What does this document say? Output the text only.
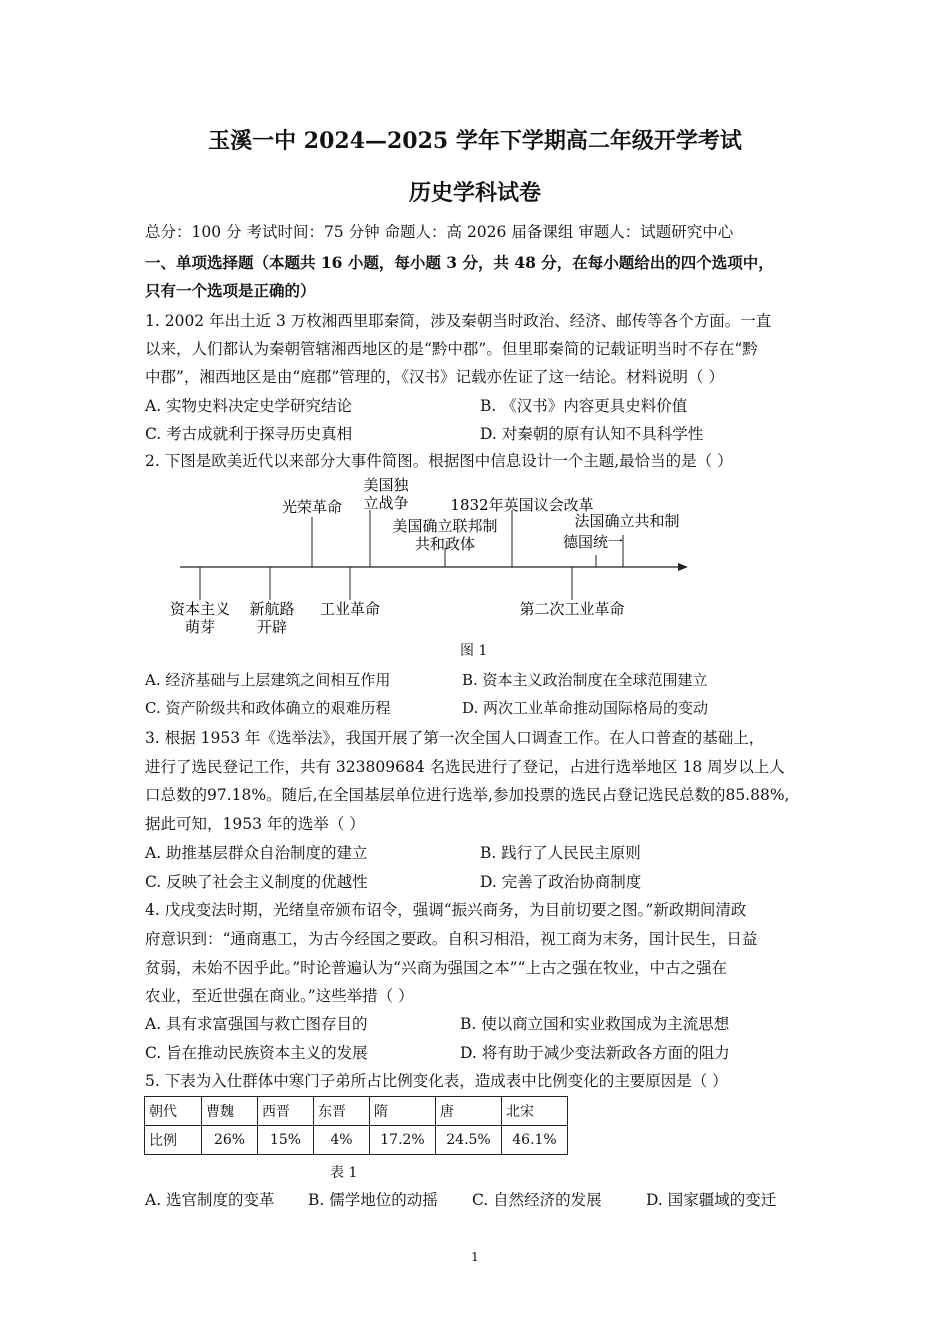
玉溪一中 2024—2025 学年下学期高二年级开学考试
历史学科试卷
总分：100 分 考试时间：75 分钟 命题人：高 2026 届备课组 审题人：试题研究中心
一、单项选择题（本题共 16 小题，每小题 3 分，共 48 分，在每小题给出的四个选项中，
只有一个选项是正确的）
1. 2002 年出土近 3 万枚湘西里耶秦简，涉及秦朝当时政治、经济、邮传等各个方面。一直
以来，人们都认为秦朝管辖湘西地区的是“黔中郡”。但里耶秦简的记载证明当时不存在“黔
中郡”，湘西地区是由“庭郡”管理的，《汉书》记载亦佐证了这一结论。材料说明（ ）
A. 实物史料决定史学研究结论	B. 《汉书》内容更具史料价值
C. 考古成就利于探寻历史真相	D. 对秦朝的原有认知不具科学性
2. 下图是欧美近代以来部分大事件简图。根据图中信息设计一个主题,最恰当的是（ ）
光荣革命
美国独
立战争
美国确立联邦制
共和政体
1832年英国议会改革
法国确立共和制
德国统一
资本主义
萌芽
新航路
开辟
工业革命	第二次工业革命
图 1
A. 经济基础与上层建筑之间相互作用	B. 资本主义政治制度在全球范围建立
C. 资产阶级共和政体确立的艰难历程	D. 两次工业革命推动国际格局的变动
3. 根据 1953 年《选举法》，我国开展了第一次全国人口调查工作。在人口普查的基础上，
进行了选民登记工作，共有 323809684 名选民进行了登记，占进行选举地区 18 周岁以上人
口总数的97.18%。随后,在全国基层单位进行选举,参加投票的选民占登记选民总数的85.88%,
据此可知，1953 年的选举（ ）
A. 助推基层群众自治制度的建立	B. 践行了人民民主原则
C. 反映了社会主义制度的优越性	D. 完善了政治协商制度
4. 戊戌变法时期，光绪皇帝颁布诏令，强调“振兴商务，为目前切要之图。”新政期间清政
府意识到：“通商惠工，为古今经国之要政。自积习相沿，视工商为末务，国计民生，日益
贫弱，未始不因乎此。”时论普遍认为“兴商为强国之本”“上古之强在牧业，中古之强在
农业，至近世强在商业。”这些举措（ ）
A. 具有求富强国与救亡图存目的	B. 使以商立国和实业救国成为主流思想
C. 旨在推动民族资本主义的发展	D. 将有助于减少变法新政各方面的阻力
5. 下表为入仕群体中寒门子弟所占比例变化表，造成表中比例变化的主要原因是（ ）
朝代	曹魏	西晋	东晋	隋	唐	北宋
比例	26%	15%	4%	17.2%	24.5%	46.1%
表 1
A. 选官制度的变革 B. 儒学地位的动摇 C. 自然经济的发展	D. 国家疆域的变迁
1
